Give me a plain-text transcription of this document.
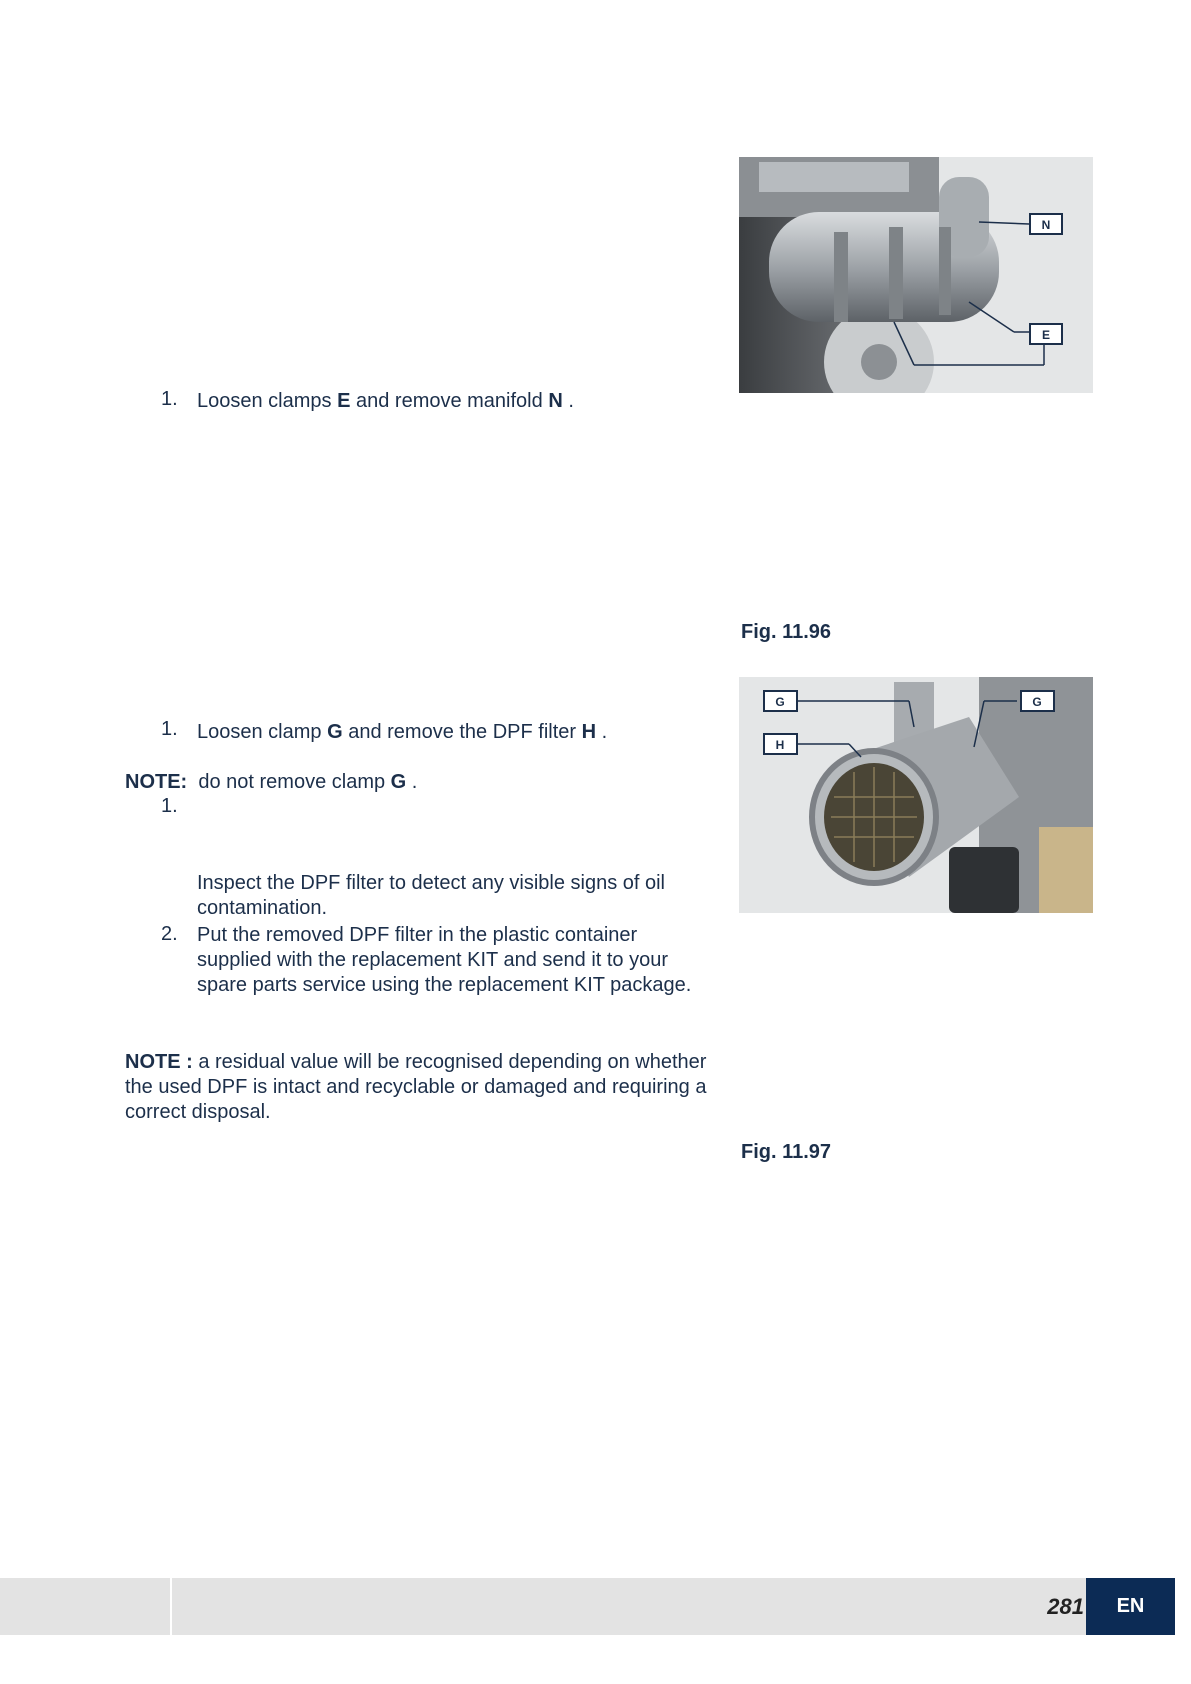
1. Loosen clamps E and remove manifold N .
N
E
Fig. 11.96
1. Loosen clamp G and remove the DPF filter H .
NOTE:  do not remove clamp G .
1.
Inspect the DPF filter to detect any visible signs of oil contamination.
2. Put the removed DPF filter in the plastic container supplied with the replacement KIT and send it to your spare parts service using the replacement KIT package.
NOTE : a residual value will be recognised depending on whether the used DPF is intact and recyclable or damaged and requiring a correct disposal.
G	G
H
Fig. 11.97
281	EN
